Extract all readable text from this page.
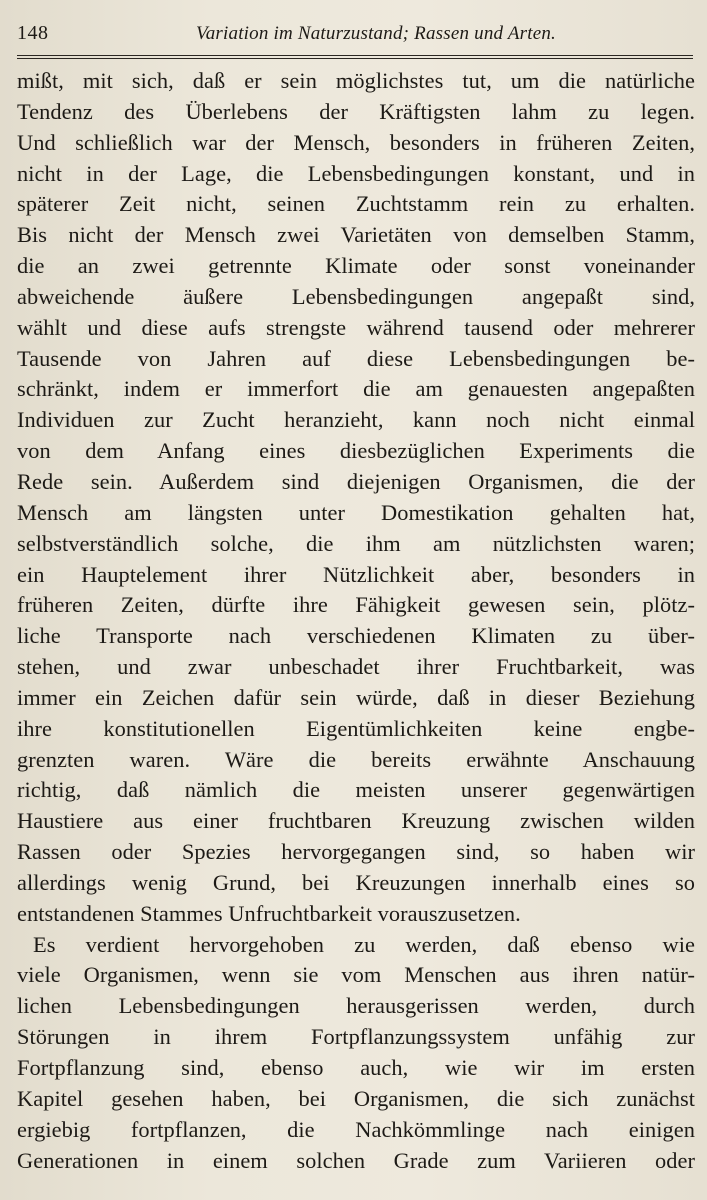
148	Variation im Naturzustand; Rassen und Arten.
mißt, mit sich, daß er sein möglichstes tut, um die natürliche
Tendenz des Überlebens der Kräftigsten lahm zu legen.
Und schließlich war der Mensch, besonders in früheren Zeiten,
nicht in der Lage, die Lebensbedingungen konstant, und in
späterer Zeit nicht, seinen Zuchtstamm rein zu erhalten.
Bis nicht der Mensch zwei Varietäten von demselben Stamm,
die an zwei getrennte Klimate oder sonst voneinander
abweichende äußere Lebensbedingungen angepaßt sind,
wählt und diese aufs strengste während tausend oder mehrerer
Tausende von Jahren auf diese Lebensbedingungen be-
schränkt, indem er immerfort die am genauesten angepaßten
Individuen zur Zucht heranzieht, kann noch nicht einmal
von dem Anfang eines diesbezüglichen Experiments die
Rede sein. Außerdem sind diejenigen Organismen, die der
Mensch am längsten unter Domestikation gehalten hat,
selbstverständlich solche, die ihm am nützlichsten waren;
ein Hauptelement ihrer Nützlichkeit aber, besonders in
früheren Zeiten, dürfte ihre Fähigkeit gewesen sein, plötz-
liche Transporte nach verschiedenen Klimaten zu über-
stehen, und zwar unbeschadet ihrer Fruchtbarkeit, was
immer ein Zeichen dafür sein würde, daß in dieser Beziehung
ihre konstitutionellen Eigentümlichkeiten keine engbe-
grenzten waren. Wäre die bereits erwähnte Anschauung
richtig, daß nämlich die meisten unserer gegenwärtigen
Haustiere aus einer fruchtbaren Kreuzung zwischen wilden
Rassen oder Spezies hervorgegangen sind, so haben wir
allerdings wenig Grund, bei Kreuzungen innerhalb eines so
entstandenen Stammes Unfruchtbarkeit vorauszusetzen.
Es verdient hervorgehoben zu werden, daß ebenso wie
viele Organismen, wenn sie vom Menschen aus ihren natür-
lichen Lebensbedingungen herausgerissen werden, durch
Störungen in ihrem Fortpflanzungssystem unfähig zur
Fortpflanzung sind, ebenso auch, wie wir im ersten
Kapitel gesehen haben, bei Organismen, die sich zunächst
ergiebig fortpflanzen, die Nachkömmlinge nach einigen
Generationen in einem solchen Grade zum Variieren oder
